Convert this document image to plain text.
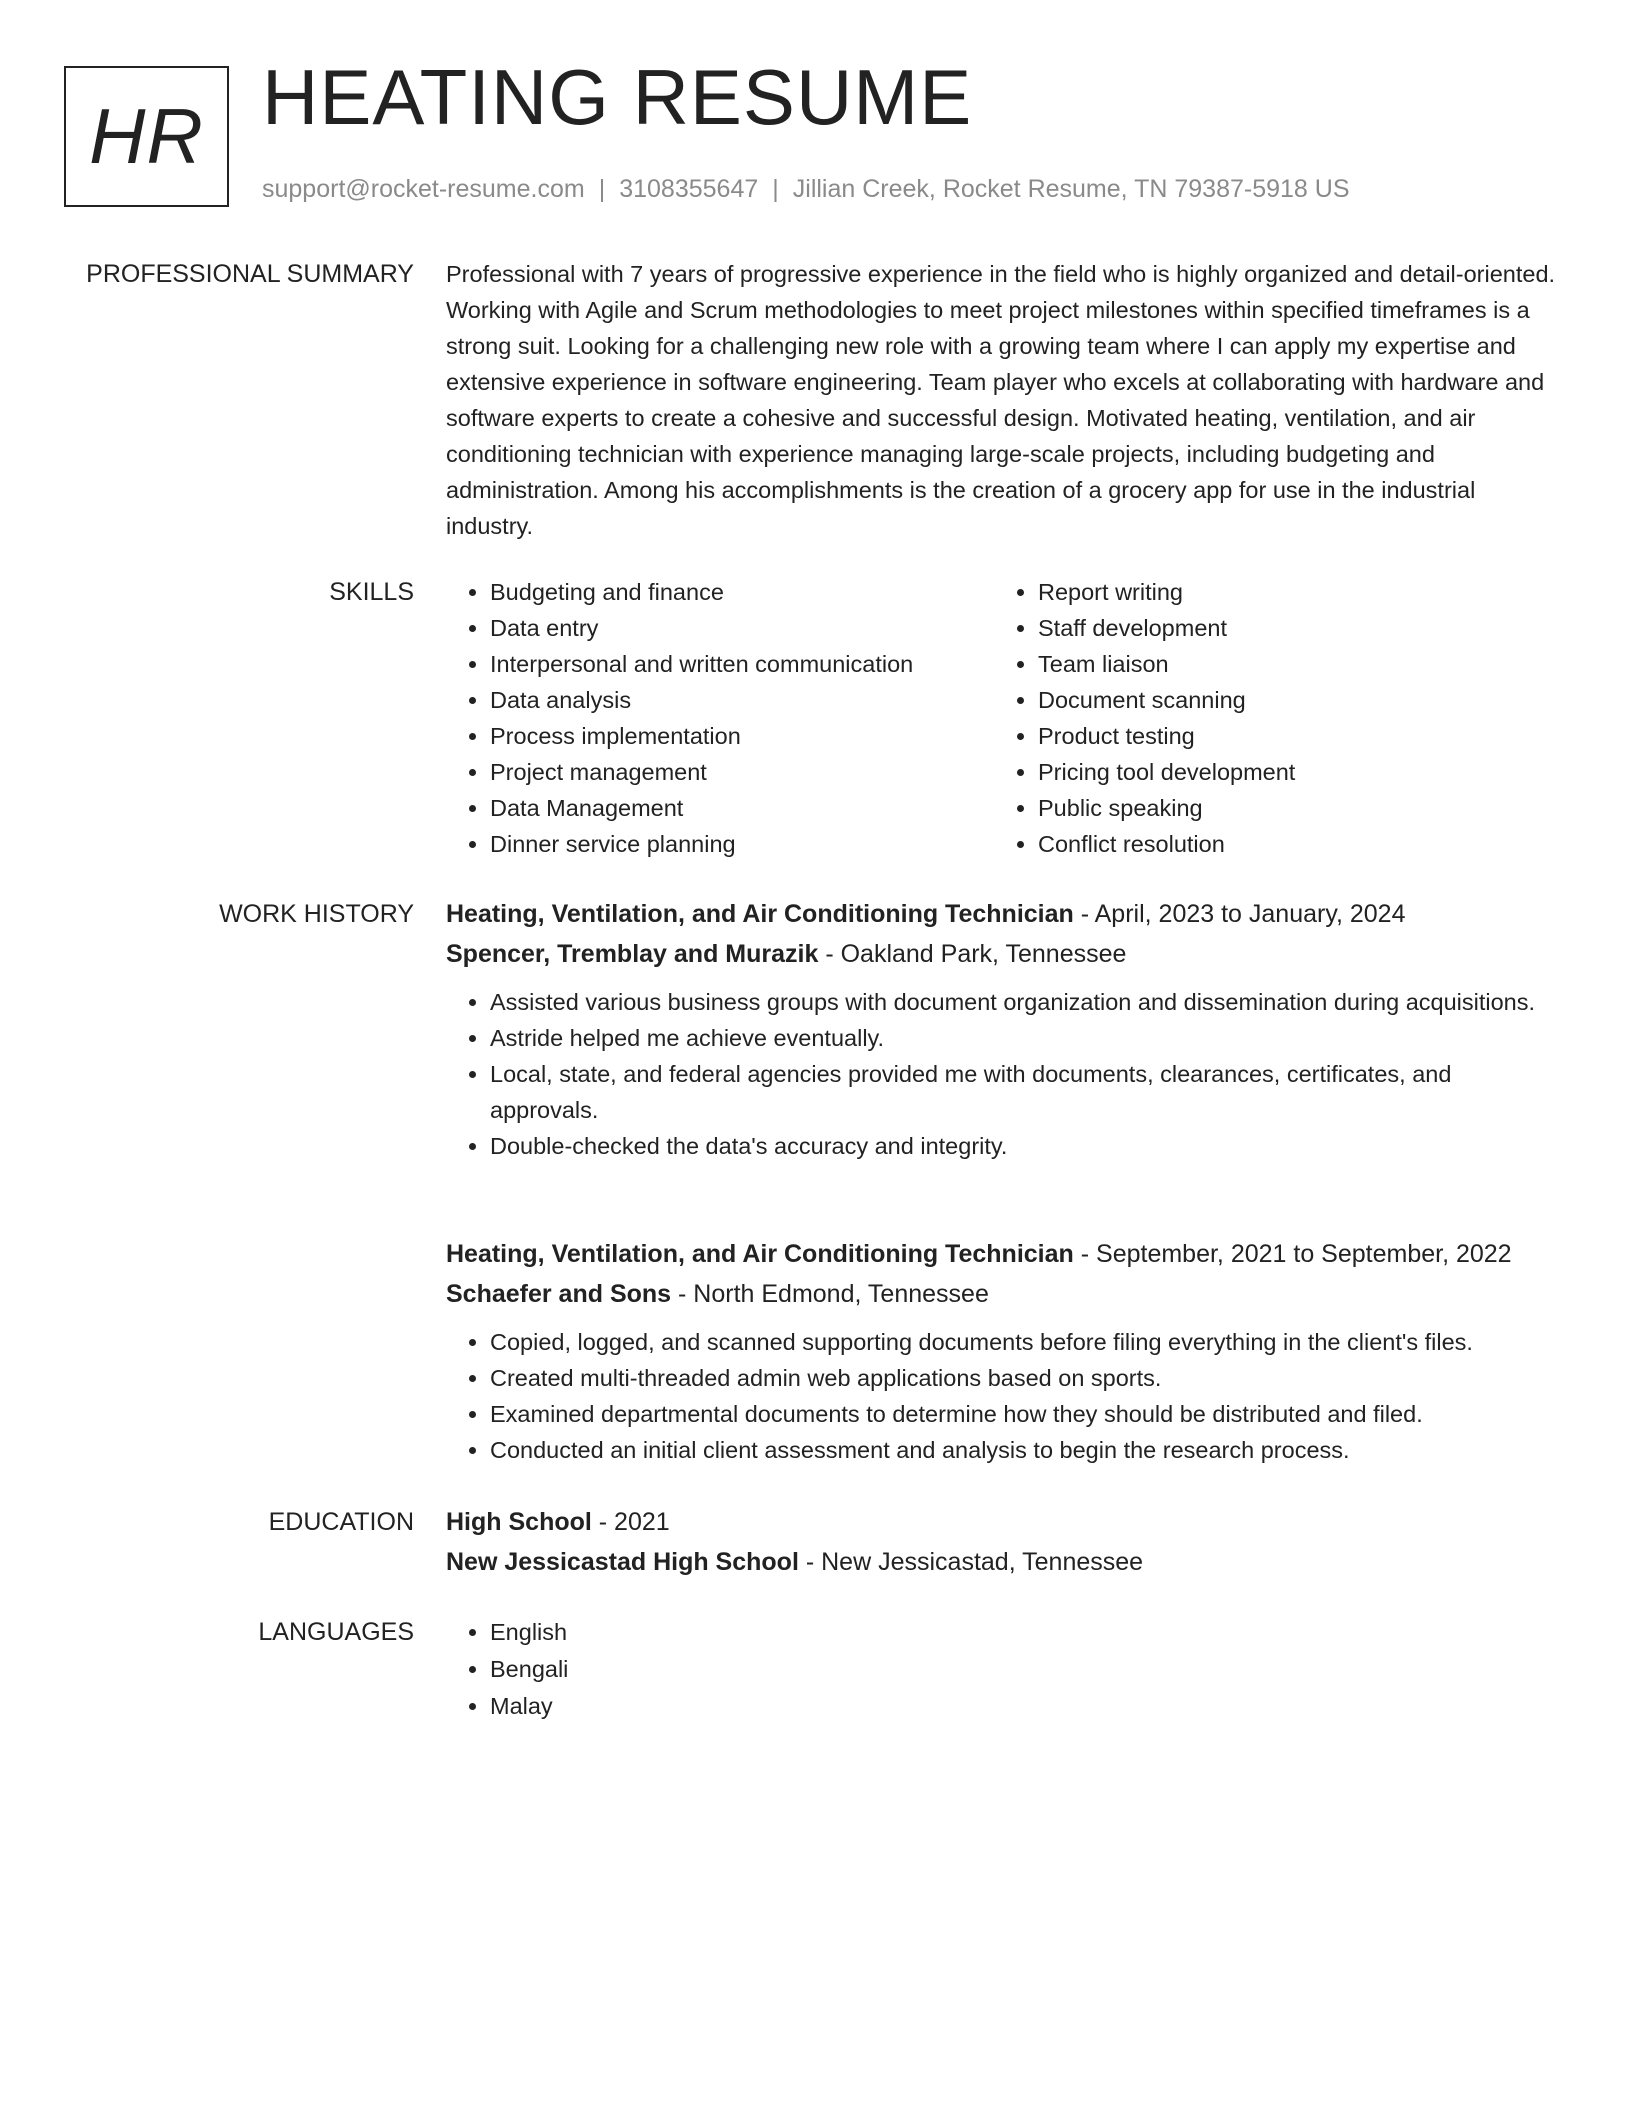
HR HEATING RESUME
support@rocket-resume.com | 3108355647 | Jillian Creek, Rocket Resume, TN 79387-5918 US
PROFESSIONAL SUMMARY Professional with 7 years of progressive experience in the field who is highly organized and detail-oriented. Working with Agile and Scrum methodologies to meet project milestones within specified timeframes is a strong suit. Looking for a challenging new role with a growing team where I can apply my expertise and extensive experience in software engineering. Team player who excels at collaborating with hardware and software experts to create a cohesive and successful design. Motivated heating, ventilation, and air conditioning technician with experience managing large-scale projects, including budgeting and administration. Among his accomplishments is the creation of a grocery app for use in the industrial industry.

SKILLS	• Budgeting and finance
• Data entry
• Interpersonal and written communication
• Data analysis
• Process implementation
• Project management
• Data Management
• Dinner service planning
• Report writing
• Staff development
• Team liaison
• Document scanning
• Product testing
• Pricing tool development
• Public speaking
• Conflict resolution
WORK HISTORY Heating, Ventilation, and Air Conditioning Technician - April, 2023 to January, 2024
Spencer, Tremblay and Murazik - Oakland Park, Tennessee
• Assisted various business groups with document organization and dissemination during acquisitions.
• Astride helped me achieve eventually.
• Local, state, and federal agencies provided me with documents, clearances, certificates, and approvals.
• Double-checked the data's accuracy and integrity.
Heating, Ventilation, and Air Conditioning Technician - September, 2021 to September, 2022
Schaefer and Sons - North Edmond, Tennessee
• Copied, logged, and scanned supporting documents before filing everything in the client's files.
• Created multi-threaded admin web applications based on sports.
• Examined departmental documents to determine how they should be distributed and filed.
• Conducted an initial client assessment and analysis to begin the research process.
EDUCATION High School - 2021
New Jessicastad High School - New Jessicastad, Tennessee
LANGUAGES	• English
• Bengali
• Malay
